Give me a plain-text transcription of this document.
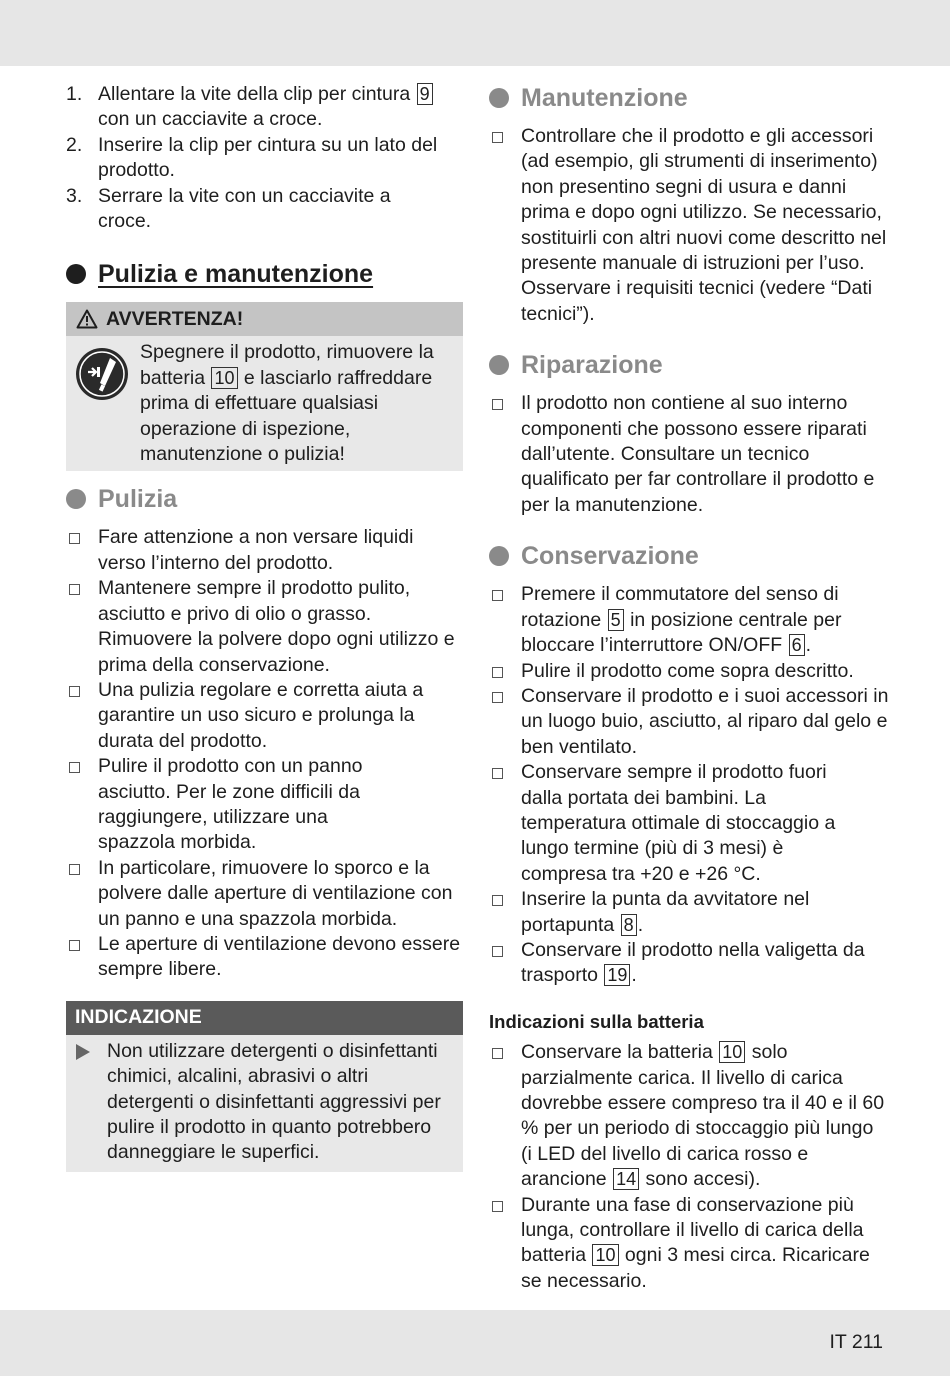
1. Allentare la vite della clip per cintura 9 con un cacciavite a croce.
2. Inserire la clip per cintura su un lato del prodotto.
3. Serrare la vite con un cacciavite a croce.
Pulizia e manutenzione
AVVERTENZA!
Spegnere il prodotto, rimuovere la batteria 10 e lasciarlo raffreddare prima di effettuare qualsiasi operazione di ispezione, manutenzione o pulizia!
Pulizia
Fare attenzione a non versare liquidi verso l’interno del prodotto.
Mantenere sempre il prodotto pulito, asciutto e privo di olio o grasso. Rimuovere la polvere dopo ogni utilizzo e prima della conservazione.
Una pulizia regolare e corretta aiuta a garantire un uso sicuro e prolunga la durata del prodotto.
Pulire il prodotto con un panno asciutto. Per le zone difficili da raggiungere, utilizzare una spazzola morbida.
In particolare, rimuovere lo sporco e la polvere dalle aperture di ventilazione con un panno e una spazzola morbida.
Le aperture di ventilazione devono essere sempre libere.
INDICAZIONE
Non utilizzare detergenti o disinfettanti chimici, alcalini, abrasivi o altri detergenti o disinfettanti aggressivi per pulire il prodotto in quanto potrebbero danneggiare le superfici.
Manutenzione
Controllare che il prodotto e gli accessori (ad esempio, gli strumenti di inserimento) non presentino segni di usura e danni prima e dopo ogni utilizzo. Se necessario, sostituirli con altri nuovi come descritto nel presente manuale di istruzioni per l’uso. Osservare i requisiti tecnici (vedere “Dati tecnici”).
Riparazione
Il prodotto non contiene al suo interno componenti che possono essere riparati dall’utente. Consultare un tecnico qualificato per far controllare il prodotto e per la manutenzione.
Conservazione
Premere il commutatore del senso di rotazione 5 in posizione centrale per bloccare l’interruttore ON/OFF 6 .
Pulire il prodotto come sopra descritto.
Conservare il prodotto e i suoi accessori in un luogo buio, asciutto, al riparo dal gelo e ben ventilato.
Conservare sempre il prodotto fuori dalla portata dei bambini. La temperatura ottimale di stoccaggio a lungo termine (più di 3 mesi) è compresa tra +20 e +26 °C.
Inserire la punta da avvitatore nel portapunta 8 .
Conservare il prodotto nella valigetta da trasporto 19 .
Indicazioni sulla batteria
Conservare la batteria 10 solo parzialmente carica. Il livello di carica dovrebbe essere compreso tra il 40 e il 60 % per un periodo di stoccaggio più lungo (i LED del livello di carica rosso e arancione 14 sono accesi).
Durante una fase di conservazione più lunga, controllare il livello di carica della batteria 10 ogni 3 mesi circa. Ricaricare se necessario.
IT 211
